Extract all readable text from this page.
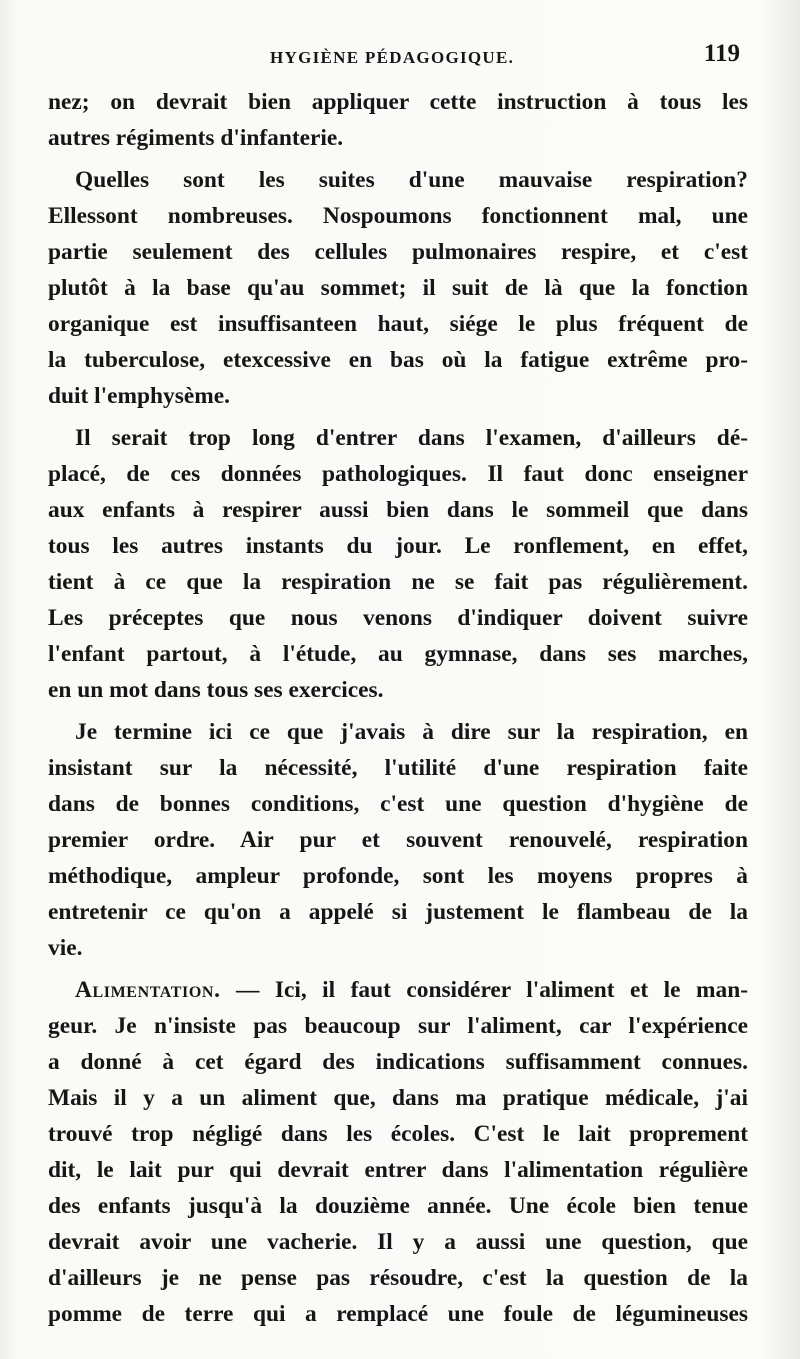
HYGIÈNE PÉDAGOGIQUE.	119
nez; on devrait bien appliquer cette instruction à tous les
autres régiments d'infanterie.
Quelles sont les suites d'une mauvaise respiration?
Ellessont nombreuses. Nospoumons fonctionnent mal, une
partie seulement des cellules pulmonaires respire, et c'est
plutôt à la base qu'au sommet; il suit de là que la fonction
organique est insuffisanteen haut, siége le plus fréquent de
la tuberculose, etexcessive en bas où la fatigue extrême pro-
duit l'emphysème.
Il serait trop long d'entrer dans l'examen, d'ailleurs dé-
placé, de ces données pathologiques. Il faut donc enseigner
aux enfants à respirer aussi bien dans le sommeil que dans
tous les autres instants du jour. Le ronflement, en effet,
tient à ce que la respiration ne se fait pas régulièrement.
Les préceptes que nous venons d'indiquer doivent suivre
l'enfant partout, à l'étude, au gymnase, dans ses marches,
en un mot dans tous ses exercices.
Je termine ici ce que j'avais à dire sur la respiration, en
insistant sur la nécessité, l'utilité d'une respiration faite
dans de bonnes conditions, c'est une question d'hygiène de
premier ordre. Air pur et souvent renouvelé, respiration
méthodique, ampleur profonde, sont les moyens propres à
entretenir ce qu'on a appelé si justement le flambeau de la
vie.
Alimentation. — Ici, il faut considérer l'aliment et le man-
geur. Je n'insiste pas beaucoup sur l'aliment, car l'expérience
a donné à cet égard des indications suffisamment connues.
Mais il y a un aliment que, dans ma pratique médicale, j'ai
trouvé trop négligé dans les écoles. C'est le lait proprement
dit, le lait pur qui devrait entrer dans l'alimentation régulière
des enfants jusqu'à la douzième année. Une école bien tenue
devrait avoir une vacherie. Il y a aussi une question, que
d'ailleurs je ne pense pas résoudre, c'est la question de la
pomme de terre qui a remplacé une foule de légumineuses
